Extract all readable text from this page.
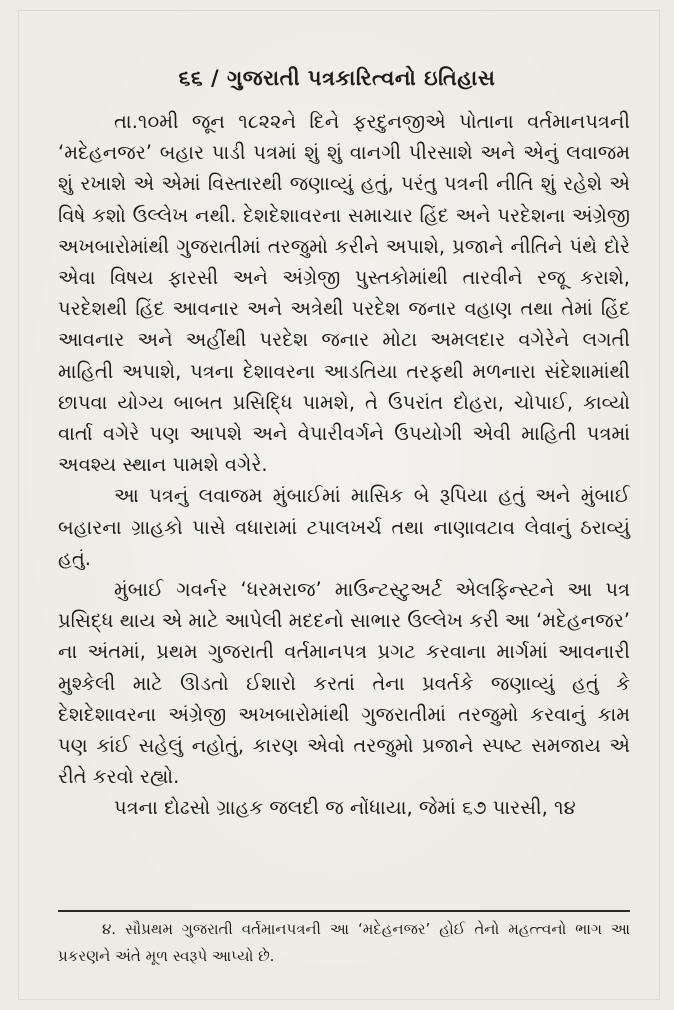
૬૬ / ગુજરાતી પત્રકારિત્વનો ઇતિહાસ

તા.૧૦મી જૂન ૧૮૨૨ને દિને ફરદુનજીએ પોતાના વર્તમાનપત્રની ‘મદેહનજર’ બહાર પાડી પત્રમાં શું શું વાનગી પીરસાશે અને એનું લવાજમ શું રખાશે એ એમાં વિસ્તારથી જણાવ્યું હતું, પરંતુ પત્રની નીતિ શું રહેશે એ વિષે કશો ઉલ્લેખ નથી. દેશદેશાવરના સમાચાર હિંદ અને પરદેશના અંગ્રેજી અખબારોમાંથી ગુજરાતીમાં તરજુમો કરીને અપાશે, પ્રજાને નીતિને પંથે દોરે એવા વિષય ફારસી અને અંગ્રેજી પુસ્તકોમાંથી તારવીને રજૂ કરાશે, પરદેશથી હિંદ આવનાર અને અત્રેથી પરદેશ જનાર વહાણ તથા તેમાં હિંદ આવનાર અને અહીંથી પરદેશ જનાર મોટા અમલદાર વગેરેને લગતી માહિતી અપાશે, પત્રના દેશાવરના આડતિયા તરફથી મળનારા સંદેશામાંથી છાપવા યોગ્ય બાબત પ્રસિદ્ધિ પામશે, તે ઉપરાંત દોહરા, ચોપાઈ, કાવ્યો વાર્તા વગેરે પણ આપશે અને વેપારીવર્ગને ઉપયોગી એવી માહિતી પત્રમાં અવશ્ય સ્થાન પામશે વગેરે.

આ પત્રનું લવાજમ મુંબાઈમાં માસિક બે રૂપિયા હતું અને મુંબાઈ બહારના ગ્રાહકો પાસે વધારામાં ટપાલખર્ચ તથા નાણાવટાવ લેવાનું ઠરાવ્યું હતું.

મુંબાઈ ગવર્નર ‘ધરમરાજ’ માઉન્ટસ્ટુઅર્ટ એલફિન્સ્ટને આ પત્ર પ્રસિદ્ધ થાય એ માટે આપેલી મદદનો સાભાર ઉલ્લેખ કરી આ ‘મદેહનજર’ ના અંતમાં, પ્રથમ ગુજરાતી વર્તમાનપત્ર પ્રગટ કરવાના માર્ગમાં આવનારી મુશ્કેલી માટે ઊડતો ઈશારો કરતાં તેના પ્રવર્તકે જણાવ્યું હતું કે દેશદેશાવરના અંગ્રેજી અખબારોમાંથી ગુજરાતીમાં તરજુમો કરવાનું કામ પણ કાંઈ સહેલું નહોતું, કારણ એવો તરજુમો પ્રજાને સ્પષ્ટ સમજાય એ રીતે કરવો રહ્યો.

પત્રના દોઢસો ગ્રાહક જલદી જ નોંધાયા, જેમાં ૬૭ પારસી, ૧૪

૪. સૌપ્રથમ ગુજરાતી વર્તમાનપત્રની આ ‘મદેહનજર’ હોઈ તેનો મહત્ત્વનો ભાગ આ પ્રકરણને અંતે મૂળ સ્વરૂપે આપ્યો છે.
